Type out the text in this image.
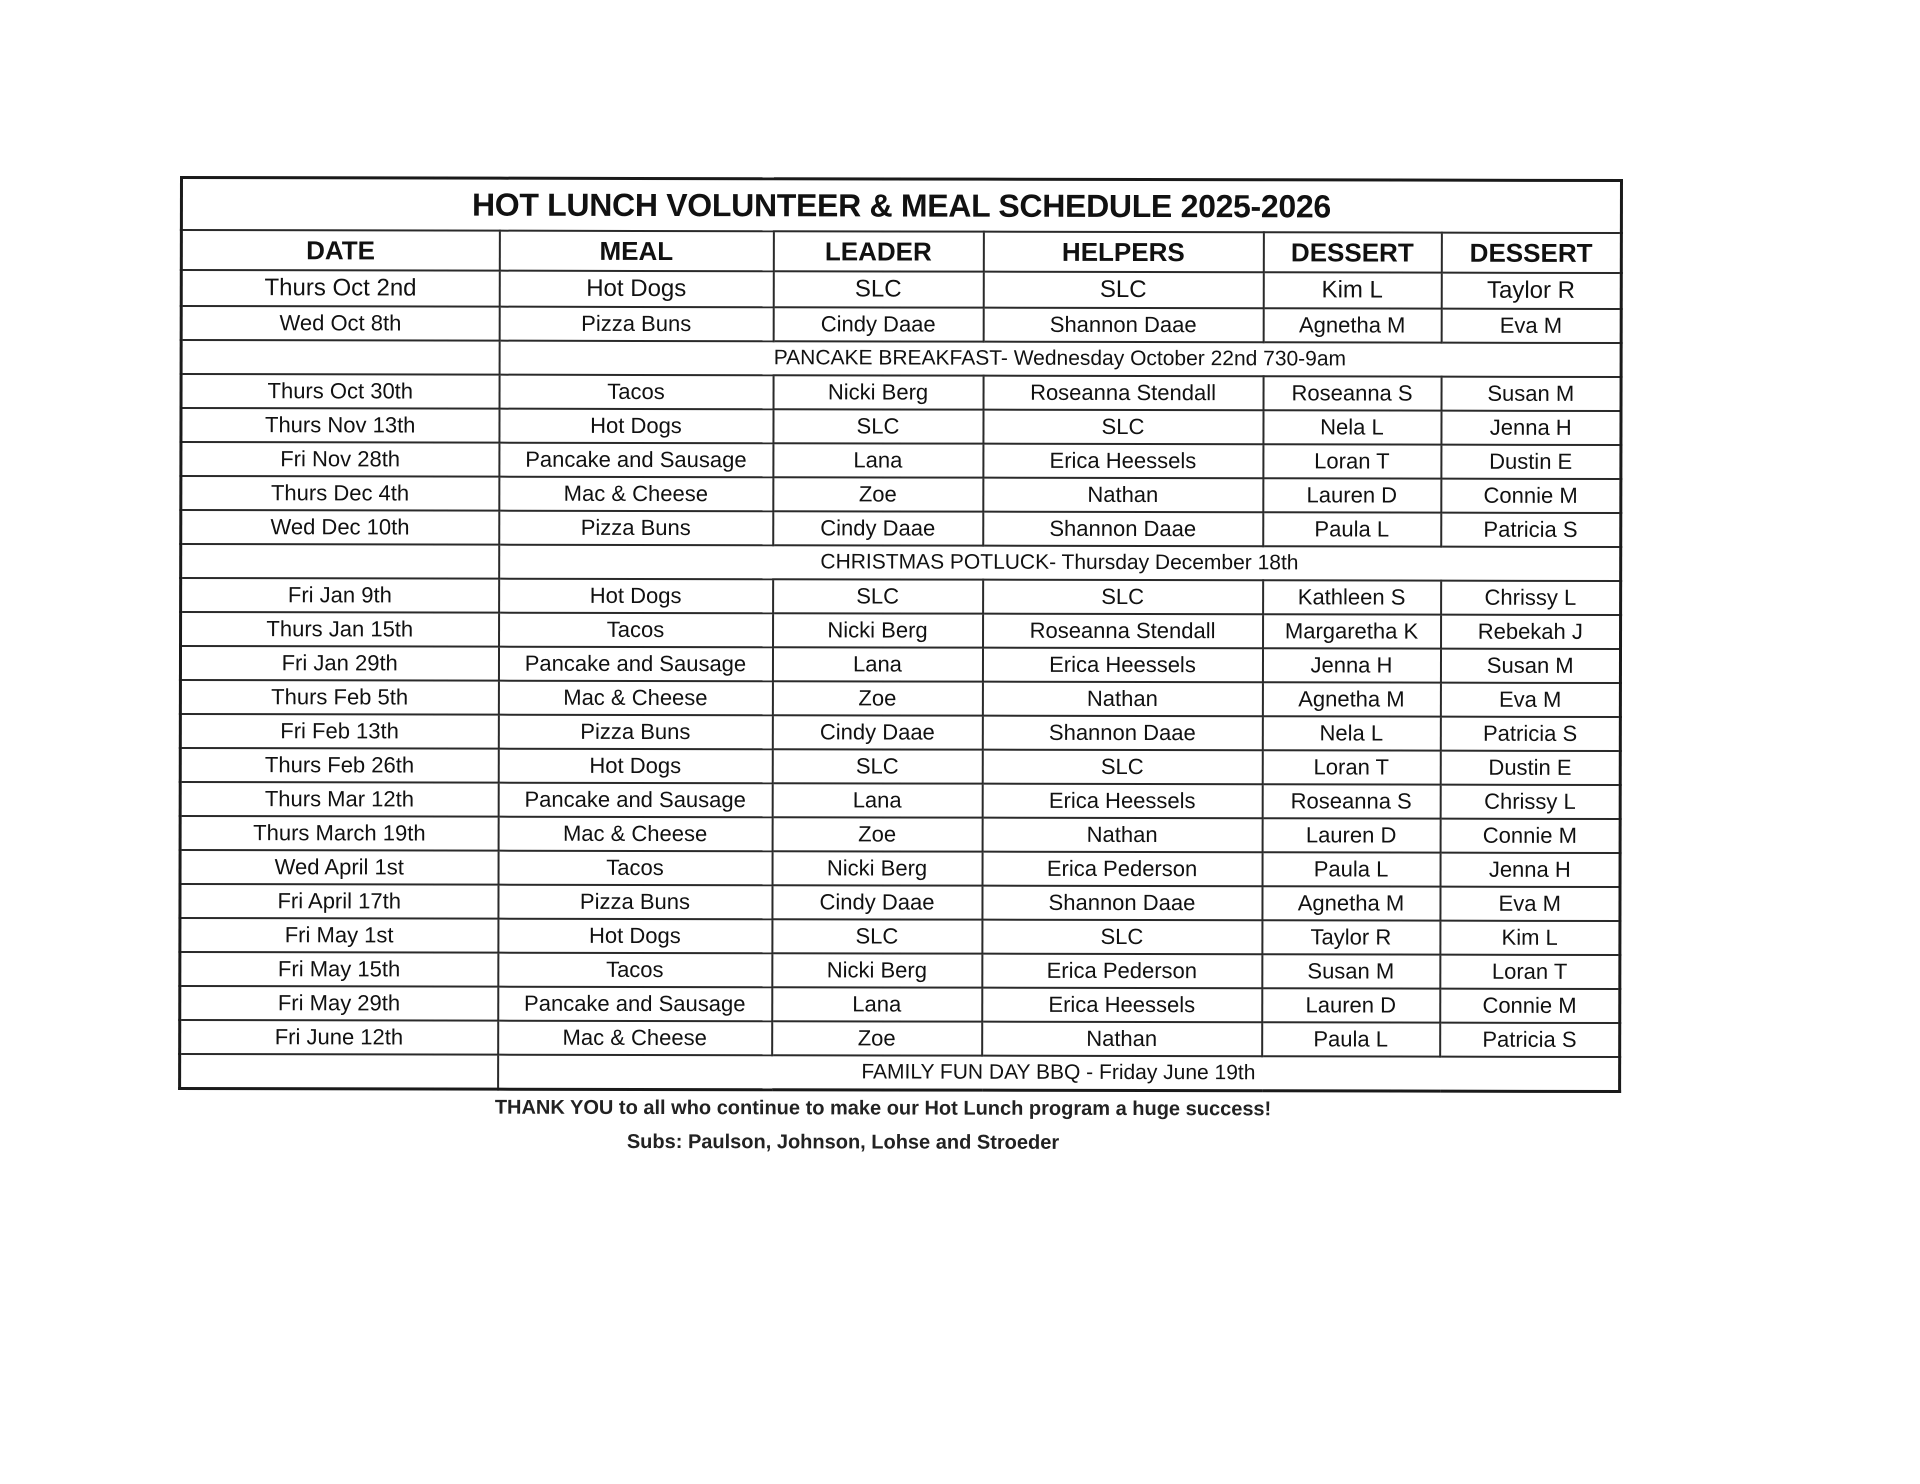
HOT LUNCH VOLUNTEER & MEAL SCHEDULE 2025-2026					
DATE	MEAL	LEADER	HELPERS	DESSERT	DESSERT
Thurs Oct 2nd	Hot Dogs	SLC	SLC	Kim L	Taylor R
Wed Oct 8th	Pizza Buns	Cindy Daae	Shannon Daae	Agnetha M	Eva M
	PANCAKE BREAKFAST- Wednesday October 22nd 730-9am				
Thurs Oct 30th	Tacos	Nicki Berg	Roseanna Stendall	Roseanna S	Susan M
Thurs Nov 13th	Hot Dogs	SLC	SLC	Nela L	Jenna H
Fri Nov 28th	Pancake and Sausage	Lana	Erica Heessels	Loran T	Dustin E
Thurs Dec 4th	Mac & Cheese	Zoe	Nathan	Lauren D	Connie M
Wed Dec 10th	Pizza Buns	Cindy Daae	Shannon Daae	Paula L	Patricia S
	CHRISTMAS POTLUCK- Thursday December 18th				
Fri Jan 9th	Hot Dogs	SLC	SLC	Kathleen S	Chrissy L
Thurs Jan 15th	Tacos	Nicki Berg	Roseanna Stendall	Margaretha K	Rebekah J
Fri Jan 29th	Pancake and Sausage	Lana	Erica Heessels	Jenna H	Susan M
Thurs Feb 5th	Mac & Cheese	Zoe	Nathan	Agnetha M	Eva M
Fri Feb 13th	Pizza Buns	Cindy Daae	Shannon Daae	Nela L	Patricia S
Thurs Feb 26th	Hot Dogs	SLC	SLC	Loran T	Dustin E
Thurs Mar 12th	Pancake and Sausage	Lana	Erica Heessels	Roseanna S	Chrissy L
Thurs March 19th	Mac & Cheese	Zoe	Nathan	Lauren D	Connie M
Wed April 1st	Tacos	Nicki Berg	Erica Pederson	Paula L	Jenna H
Fri April 17th	Pizza Buns	Cindy Daae	Shannon Daae	Agnetha M	Eva M
Fri May 1st	Hot Dogs	SLC	SLC	Taylor R	Kim L
Fri May 15th	Tacos	Nicki Berg	Erica Pederson	Susan M	Loran T
Fri May 29th	Pancake and Sausage	Lana	Erica Heessels	Lauren D	Connie M
Fri June 12th	Mac & Cheese	Zoe	Nathan	Paula L	Patricia S
	FAMILY FUN DAY BBQ - Friday June 19th				
THANK YOU to all who continue to make our Hot Lunch program a huge success!
Subs: Paulson, Johnson, Lohse and Stroeder
